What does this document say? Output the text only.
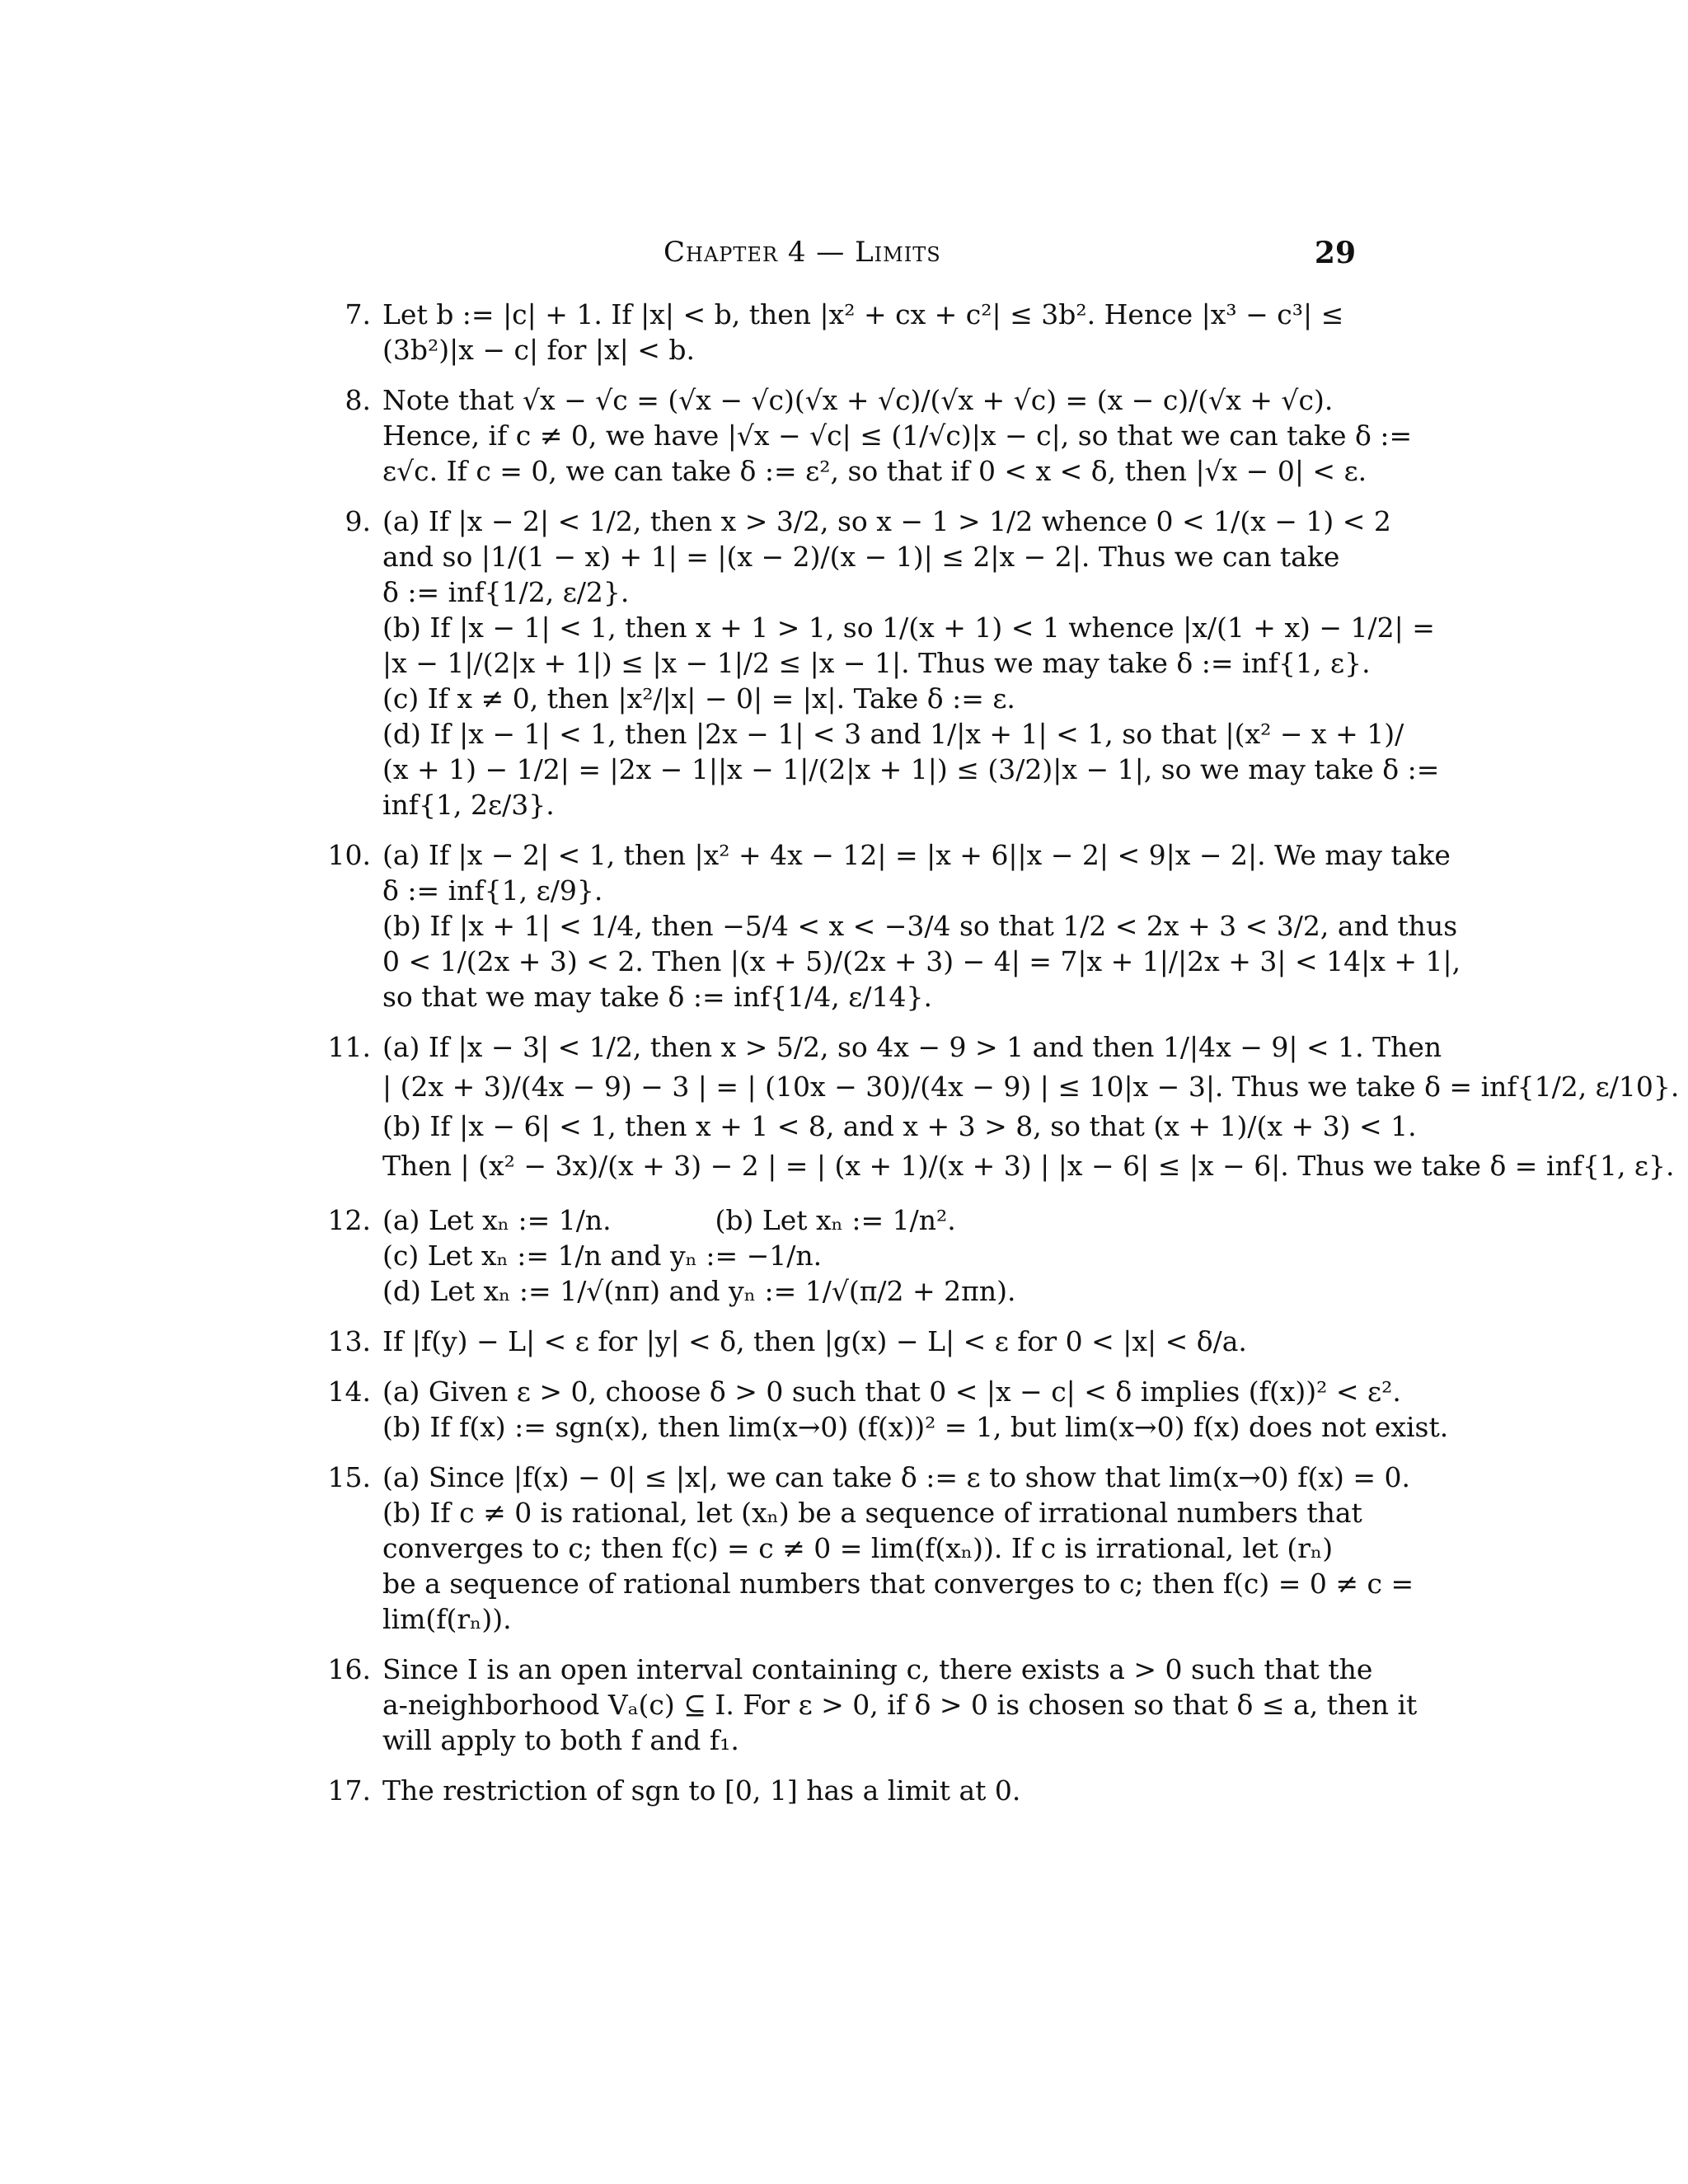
Chapter 4 — Limits	29
7. Let b := |c| + 1. If |x| < b, then |x² + cx + c²| ≤ 3b². Hence |x³ − c³| ≤
(3b²)|x − c| for |x| < b.
8. Note that √x − √c = (√x − √c)(√x + √c)/(√x + √c) = (x − c)/(√x + √c).
Hence, if c ≠ 0, we have |√x − √c| ≤ (1/√c)|x − c|, so that we can take δ :=
ε√c. If c = 0, we can take δ := ε², so that if 0 < x < δ, then |√x − 0| < ε.
9. (a) If |x − 2| < 1/2, then x > 3/2, so x − 1 > 1/2 whence 0 < 1/(x − 1) < 2
and so |1/(1 − x) + 1| = |(x − 2)/(x − 1)| ≤ 2|x − 2|. Thus we can take
δ := inf{1/2, ε/2}.
(b) If |x − 1| < 1, then x + 1 > 1, so 1/(x + 1) < 1 whence |x/(1 + x) − 1/2| =
|x − 1|/(2|x + 1|) ≤ |x − 1|/2 ≤ |x − 1|. Thus we may take δ := inf{1, ε}.
(c) If x ≠ 0, then |x²/|x| − 0| = |x|. Take δ := ε.
(d) If |x − 1| < 1, then |2x − 1| < 3 and 1/|x + 1| < 1, so that |(x² − x + 1)/
(x + 1) − 1/2| = |2x − 1||x − 1|/(2|x + 1|) ≤ (3/2)|x − 1|, so we may take δ :=
inf{1, 2ε/3}.
10. (a) If |x − 2| < 1, then |x² + 4x − 12| = |x + 6||x − 2| < 9|x − 2|. We may take
δ := inf{1, ε/9}.
(b) If |x + 1| < 1/4, then −5/4 < x < −3/4 so that 1/2 < 2x + 3 < 3/2, and thus
0 < 1/(2x + 3) < 2. Then |(x + 5)/(2x + 3) − 4| = 7|x + 1|/|2x + 3| < 14|x + 1|,
so that we may take δ := inf{1/4, ε/14}.
11. (a) If |x − 3| < 1/2, then x > 5/2, so 4x − 9 > 1 and then 1/|4x − 9| < 1. Then
| (2x + 3)/(4x − 9) − 3 | = | (10x − 30)/(4x − 9) | ≤ 10|x − 3|. Thus we take δ = inf{1/2, ε/10}.
(b) If |x − 6| < 1, then x + 1 < 8, and x + 3 > 8, so that (x + 1)/(x + 3) < 1.
Then | (x² − 3x)/(x + 3) − 2 | = | (x + 1)/(x + 3) | |x − 6| ≤ |x − 6|. Thus we take δ = inf{1, ε}.
12. (a) Let xₙ := 1/n.            (b) Let xₙ := 1/n².
(c) Let xₙ := 1/n and yₙ := −1/n.
(d) Let xₙ := 1/√(nπ) and yₙ := 1/√(π/2 + 2πn).
13. If |f(y) − L| < ε for |y| < δ, then |g(x) − L| < ε for 0 < |x| < δ/a.
14. (a) Given ε > 0, choose δ > 0 such that 0 < |x − c| < δ implies (f(x))² < ε².
(b) If f(x) := sgn(x), then lim(x→0) (f(x))² = 1, but lim(x→0) f(x) does not exist.
15. (a) Since |f(x) − 0| ≤ |x|, we can take δ := ε to show that lim(x→0) f(x) = 0.
(b) If c ≠ 0 is rational, let (xₙ) be a sequence of irrational numbers that
converges to c; then f(c) = c ≠ 0 = lim(f(xₙ)). If c is irrational, let (rₙ)
be a sequence of rational numbers that converges to c; then f(c) = 0 ≠ c =
lim(f(rₙ)).
16. Since I is an open interval containing c, there exists a > 0 such that the
a-neighborhood Vₐ(c) ⊆ I. For ε > 0, if δ > 0 is chosen so that δ ≤ a, then it
will apply to both f and f₁.
17. The restriction of sgn to [0, 1] has a limit at 0.
